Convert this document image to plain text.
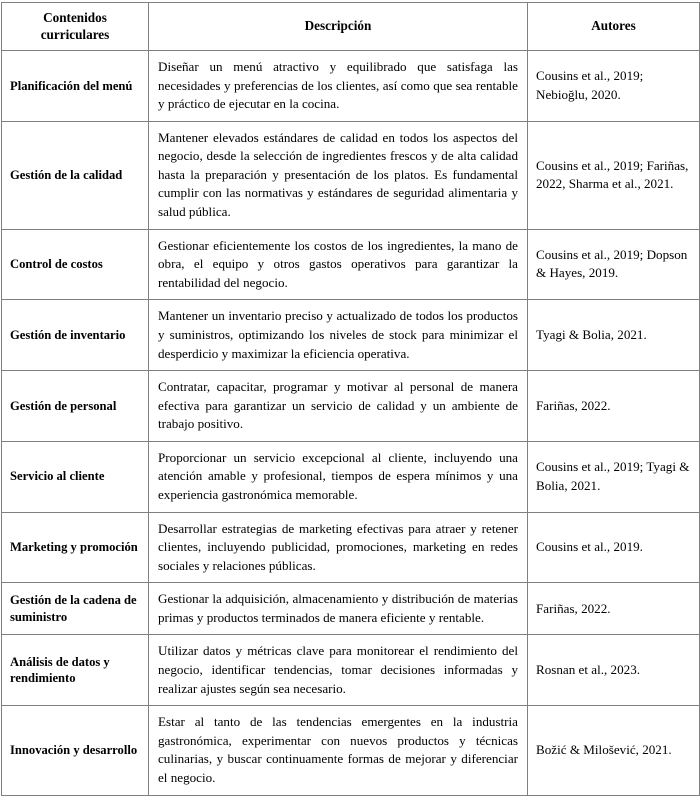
Contenidos curriculares	Descripción	Autores
Planificación del menú	Diseñar un menú atractivo y equilibrado que satisfaga las necesidades y preferencias de los clientes, así como que sea rentable y práctico de ejecutar en la cocina.	Cousins et al., 2019; Nebioğlu, 2020.
Gestión de la calidad	Mantener elevados estándares de calidad en todos los aspectos del negocio, desde la selección de ingredientes frescos y de alta calidad hasta la preparación y presentación de los platos. Es fundamental cumplir con las normativas y estándares de seguridad alimentaria y salud pública.	Cousins et al., 2019; Fariñas, 2022, Sharma et al., 2021.
Control de costos	Gestionar eficientemente los costos de los ingredientes, la mano de obra, el equipo y otros gastos operativos para garantizar la rentabilidad del negocio.	Cousins et al., 2019; Dopson & Hayes, 2019.
Gestión de inventario	Mantener un inventario preciso y actualizado de todos los productos y suministros, optimizando los niveles de stock para minimizar el desperdicio y maximizar la eficiencia operativa.	Tyagi & Bolia, 2021.
Gestión de personal	Contratar, capacitar, programar y motivar al personal de manera efectiva para garantizar un servicio de calidad y un ambiente de trabajo positivo.	Fariñas, 2022.
Servicio al cliente	Proporcionar un servicio excepcional al cliente, incluyendo una atención amable y profesional, tiempos de espera mínimos y una experiencia gastronómica memorable.	Cousins et al., 2019; Tyagi & Bolia, 2021.
Marketing y promoción	Desarrollar estrategias de marketing efectivas para atraer y retener clientes, incluyendo publicidad, promociones, marketing en redes sociales y relaciones públicas.	Cousins et al., 2019.
Gestión de la cadena de suministro	Gestionar la adquisición, almacenamiento y distribución de materias primas y productos terminados de manera eficiente y rentable.	Fariñas, 2022.
Análisis de datos y rendimiento	Utilizar datos y métricas clave para monitorear el rendimiento del negocio, identificar tendencias, tomar decisiones informadas y realizar ajustes según sea necesario.	Rosnan et al., 2023.
Innovación y desarrollo	Estar al tanto de las tendencias emergentes en la industria gastronómica, experimentar con nuevos productos y técnicas culinarias, y buscar continuamente formas de mejorar y diferenciar el negocio.	Božić & Milošević, 2021.
